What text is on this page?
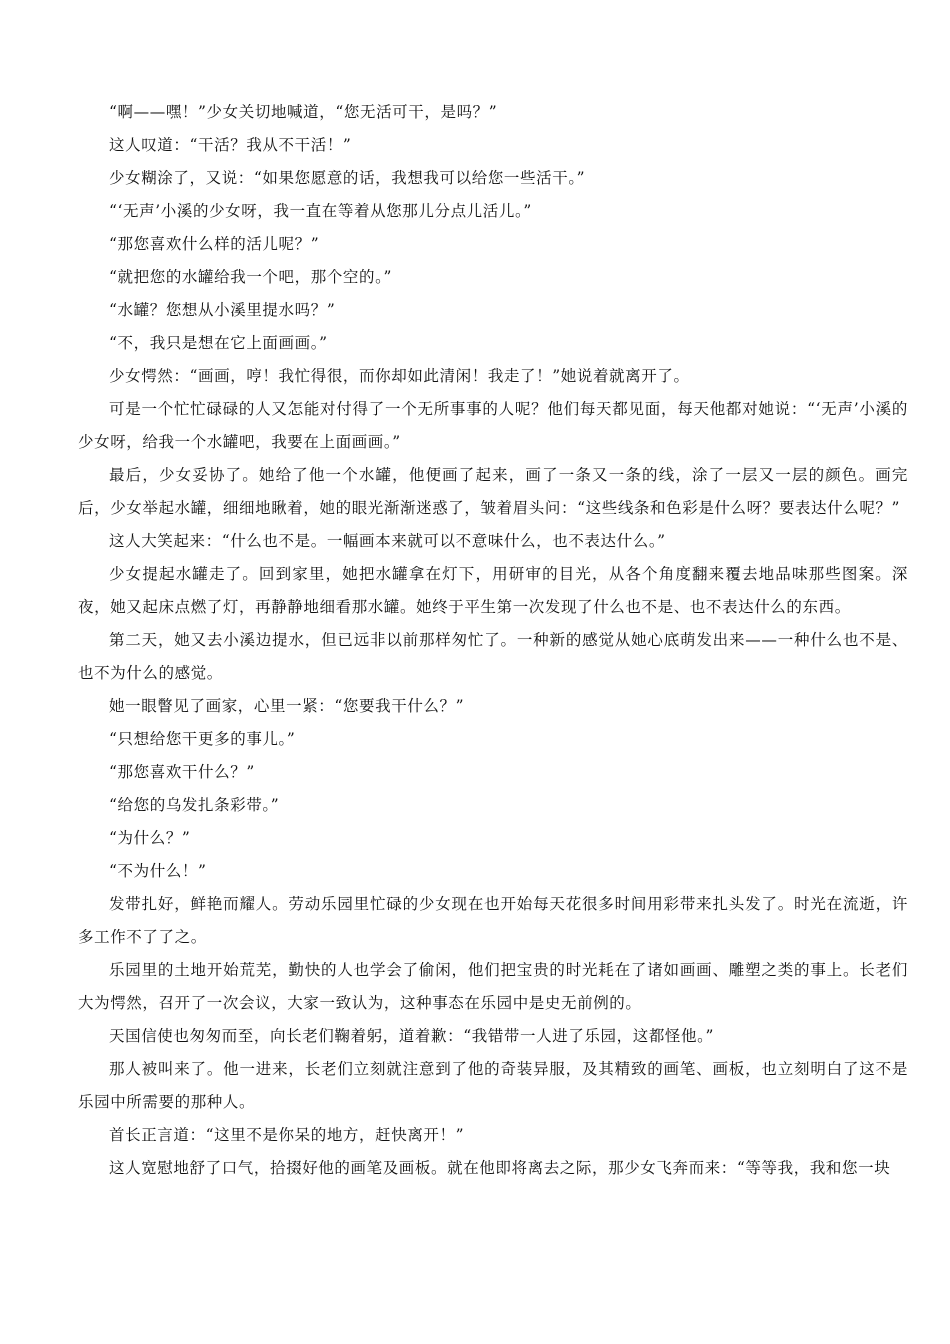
“啊——嘿！”少女关切地喊道，“您无活可干，是吗？”

这人叹道：“干活？我从不干活！”

少女糊涂了，又说：“如果您愿意的话，我想我可以给您一些活干。”

“‘无声’小溪的少女呀，我一直在等着从您那儿分点儿活儿。”

“那您喜欢什么样的活儿呢？”

“就把您的水罐给我一个吧，那个空的。”

“水罐？您想从小溪里提水吗？”

“不，我只是想在它上面画画。”

少女愕然：“画画，哼！我忙得很，而你却如此清闲！我走了！”她说着就离开了。

可是一个忙忙碌碌的人又怎能对付得了一个无所事事的人呢？他们每天都见面，每天他都对她说：“‘无声’小溪的少女呀，给我一个水罐吧，我要在上面画画。”

最后，少女妥协了。她给了他一个水罐，他便画了起来，画了一条又一条的线，涂了一层又一层的颜色。画完后，少女举起水罐，细细地瞅着，她的眼光渐渐迷惑了，皱着眉头问：“这些线条和色彩是什么呀？要表达什么呢？”

这人大笑起来：“什么也不是。一幅画本来就可以不意味什么，也不表达什么。”

少女提起水罐走了。回到家里，她把水罐拿在灯下，用研审的目光，从各个角度翻来覆去地品味那些图案。深夜，她又起床点燃了灯，再静静地细看那水罐。她终于平生第一次发现了什么也不是、也不表达什么的东西。

第二天，她又去小溪边提水，但已远非以前那样匆忙了。一种新的感觉从她心底萌发出来——一种什么也不是、也不为什么的感觉。

她一眼瞥见了画家，心里一紧：“您要我干什么？”

“只想给您干更多的事儿。”

“那您喜欢干什么？”

“给您的乌发扎条彩带。”

“为什么？”

“不为什么！”

发带扎好，鲜艳而耀人。劳动乐园里忙碌的少女现在也开始每天花很多时间用彩带来扎头发了。时光在流逝，许多工作不了了之。

乐园里的土地开始荒芜，勤快的人也学会了偷闲，他们把宝贵的时光耗在了诸如画画、雕塑之类的事上。长老们大为愕然，召开了一次会议，大家一致认为，这种事态在乐园中是史无前例的。

天国信使也匆匆而至，向长老们鞠着躬，道着歉：“我错带一人进了乐园，这都怪他。”

那人被叫来了。他一进来，长老们立刻就注意到了他的奇装异服，及其精致的画笔、画板，也立刻明白了这不是乐园中所需要的那种人。

首长正言道：“这里不是你呆的地方，赶快离开！”

这人宽慰地舒了口气，拾掇好他的画笔及画板。就在他即将离去之际，那少女飞奔而来：“等等我，我和您一块
